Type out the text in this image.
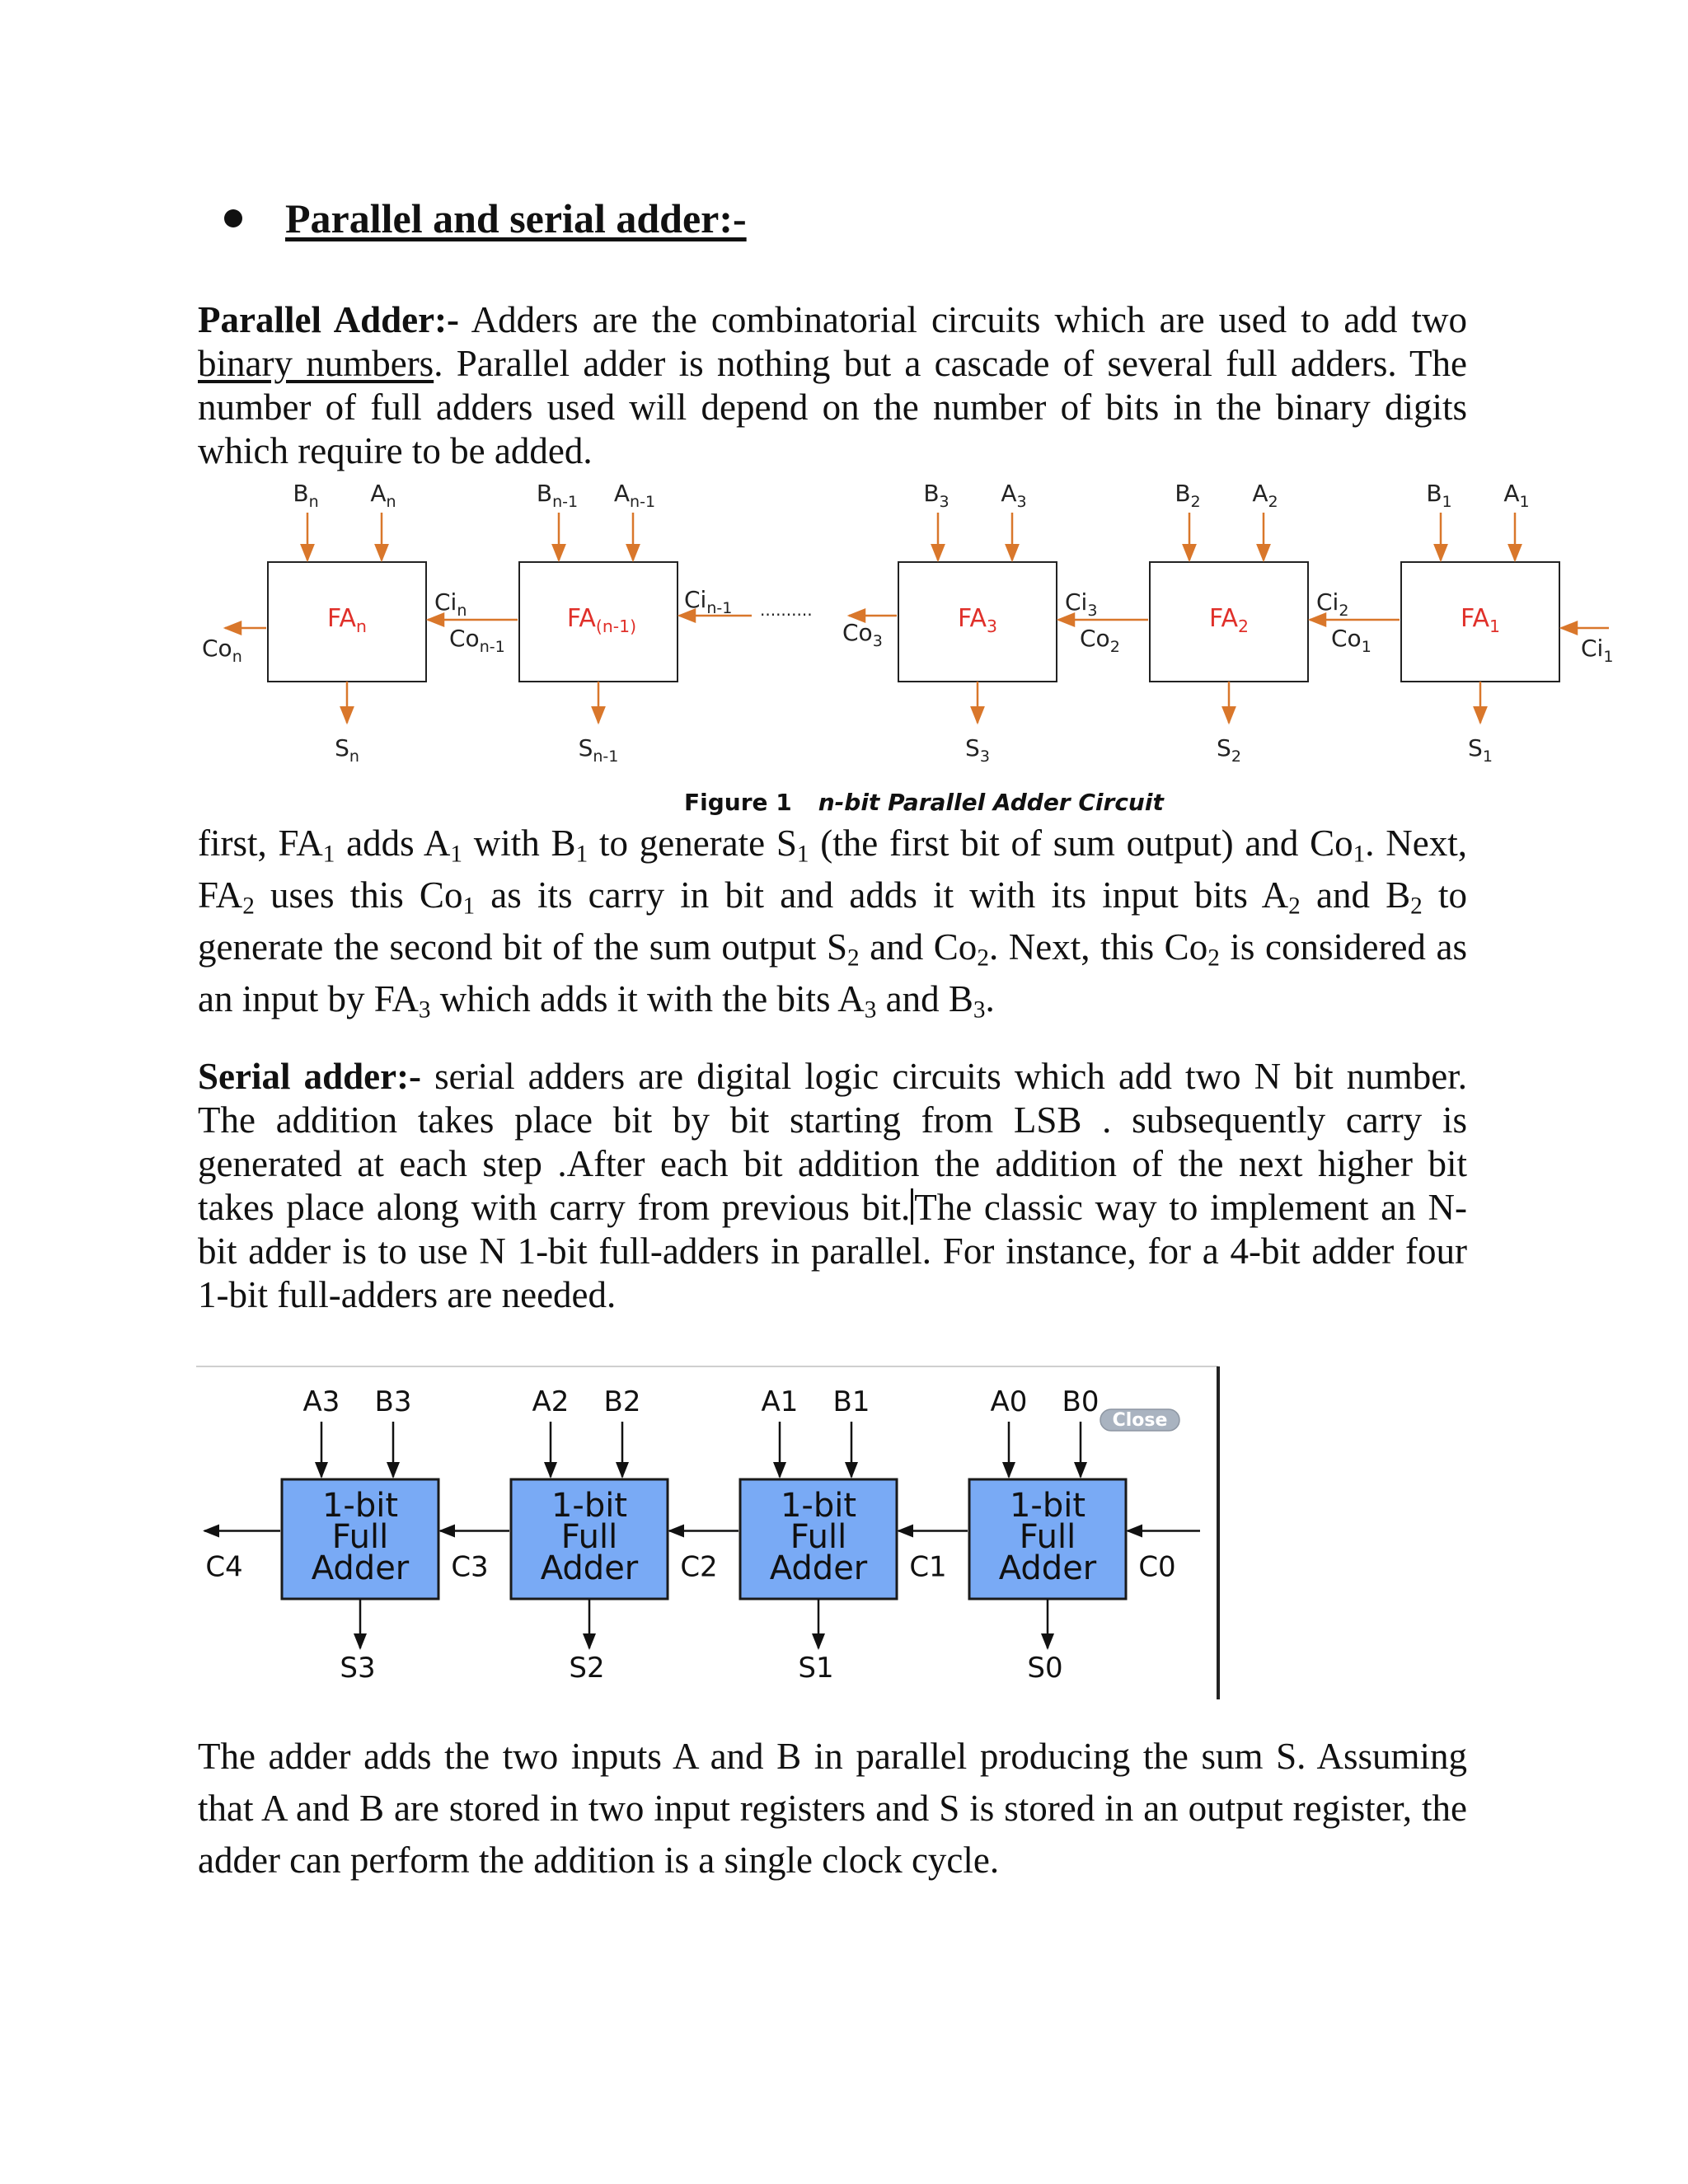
Parallel and serial adder:-

Parallel Adder:- Adders are the combinatorial circuits which are used to add two binary numbers. Parallel adder is nothing but a cascade of several full adders. The number of full adders used will depend on the number of bits in the binary digits which require to be added.

$FA_n$
$B_n$ $A_n$
$S_n$
$FA_{(n-1)}$
$B_{n-1}$ $A_{n-1}$
$S_{n-1}$
$FA_3$
$B_3$ $A_3$
$S_3$
$FA_2$
$B_2$ $A_2$
$S_2$
$FA_1$
$B_1$ $A_1$
$S_1$
$Ci_n$
$Co_{n-1}$
$Ci_{n-1}$ ..........
$Co_3$
$Ci_3$
$Co_2$
$Ci_2$
$Co_1$
$Co_n$	$Ci_1$
Figure 1 n-bit Parallel Adder Circuit

first, $FA_1$ adds $A_1$ with $B_1$ to generate $S_1$ (the first bit of sum output) and $Co_1$. Next, $FA_2$ uses this $Co_1$ as its carry in bit and adds it with its input bits $A_2$ and $B_2$ to generate the second bit of the sum output $S_2$ and $Co_2$. Next, this $Co_2$ is considered as an input by $FA_3$ which adds it with the bits $A_3$ and $B_3$.

Serial adder:- serial adders are digital logic circuits which add two N bit number. The addition takes place bit by bit starting from LSB . subsequently carry is generated at each step .After each bit addition the addition of the next higher bit takes place along with carry from previous bit. The classic way to implement an N-bit adder is to use N 1-bit full-adders in parallel. For instance, for a 4-bit adder four 1-bit full-adders are needed.

1-bit
Full
Adder
A3 B3
S3
1-bit
Full
Adder
A2 B2
S2
1-bit
Full
Adder
A1 B1
S1
1-bit
Full
Adder
A0 B0
S0
C4	C3	C2	C1	C0
Close

The adder adds the two inputs A and B in parallel producing the sum S. Assuming that A and B are stored in two input registers and S is stored in an output register, the adder can perform the addition is a single clock cycle.
